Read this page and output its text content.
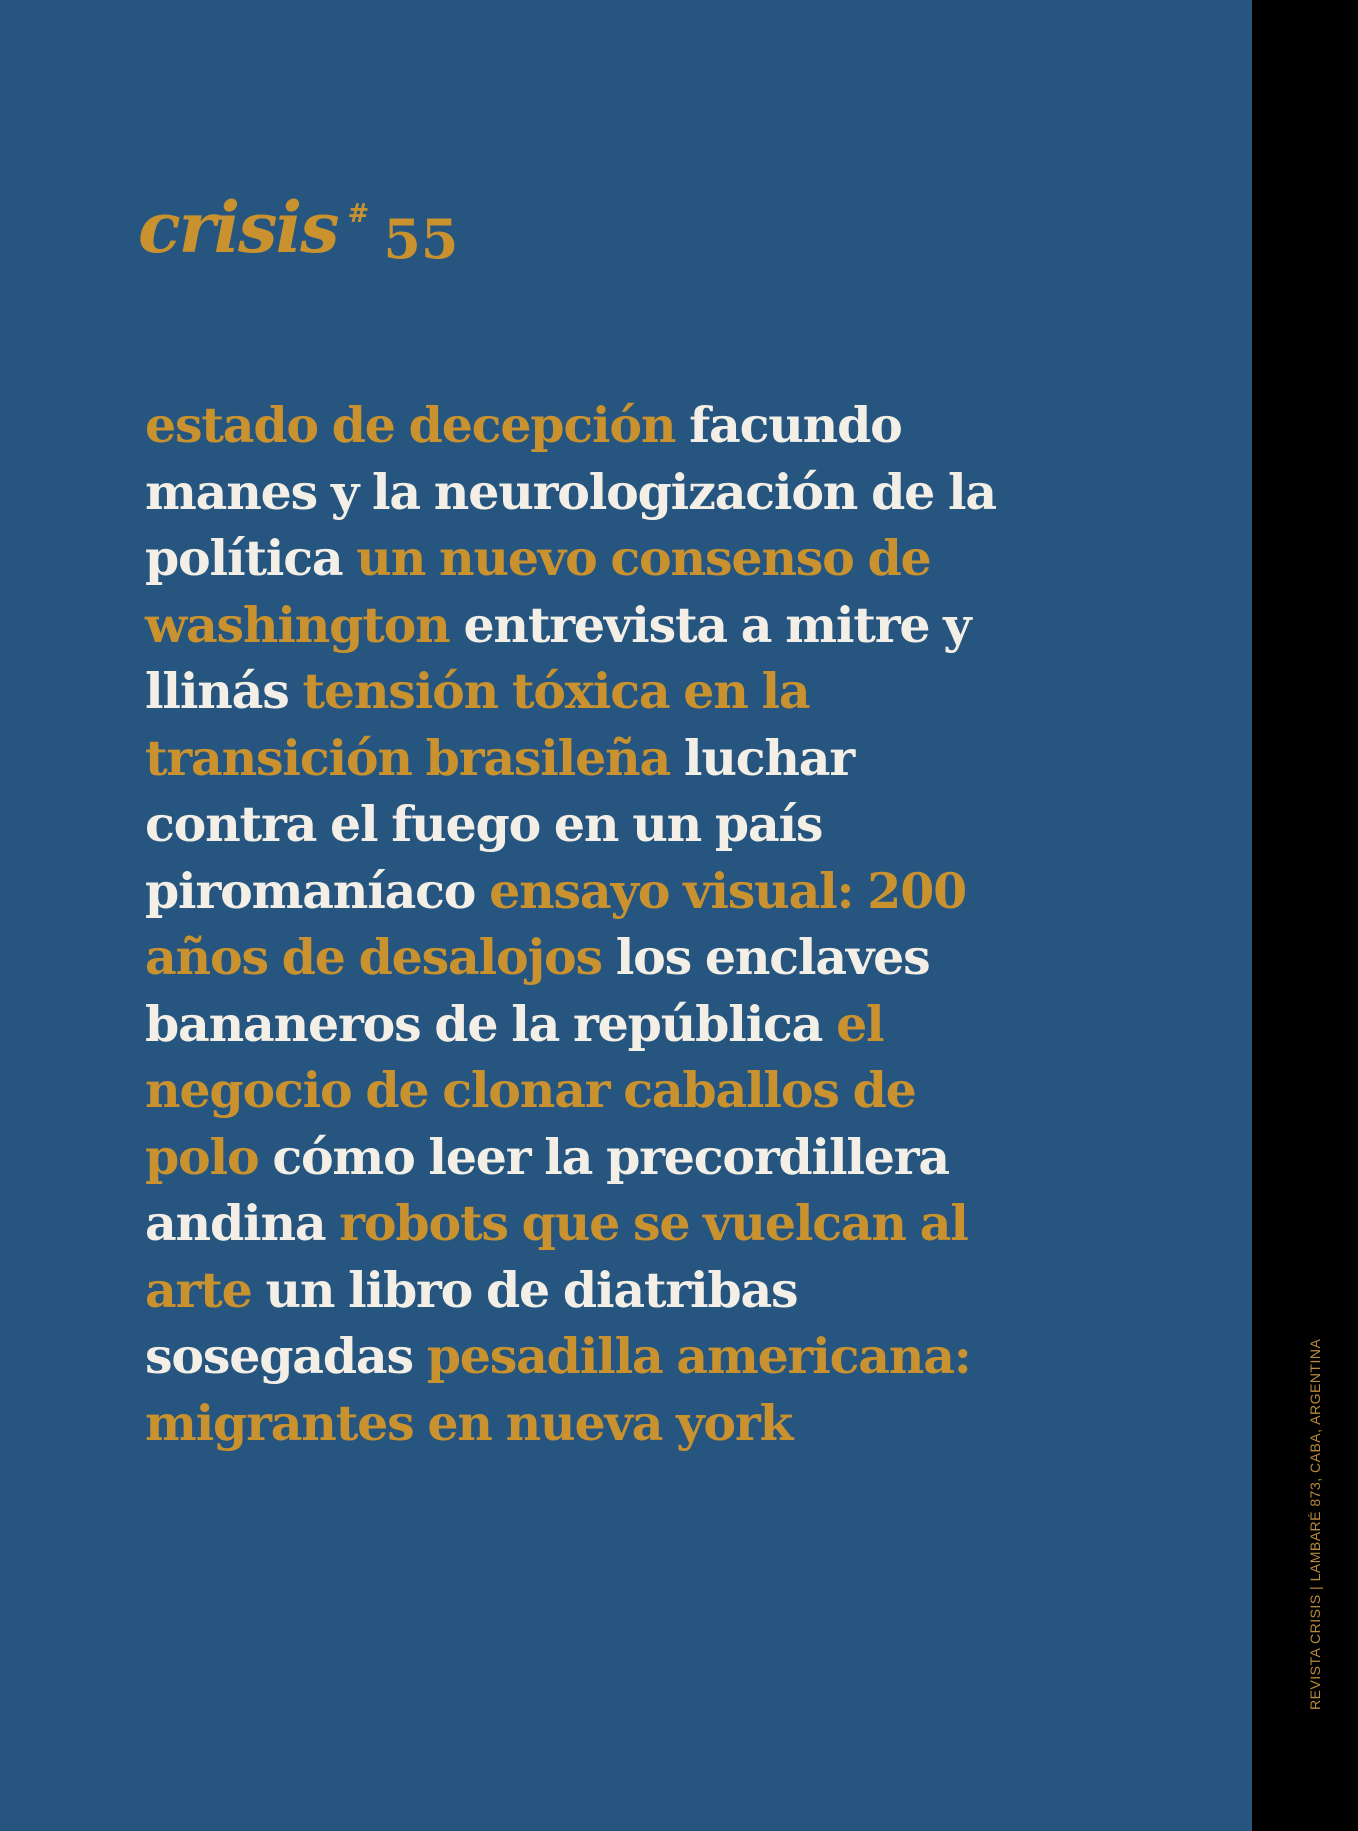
crisis # 55

estado de decepción facundo manes y la neurologización de la política un nuevo consenso de washington entrevista a mitre y llinás tensión tóxica en la transición brasileña luchar contra el fuego en un país piromaníaco ensayo visual: 200 años de desalojos los enclaves bananeros de la república el negocio de clonar caballos de polo cómo leer la precordillera andina robots que se vuelcan al arte un libro de diatribas sosegadas pesadilla americana: migrantes en nueva york	REVISTA CRISIS | LAMBARÉ 873, CABA, ARGENTINA
